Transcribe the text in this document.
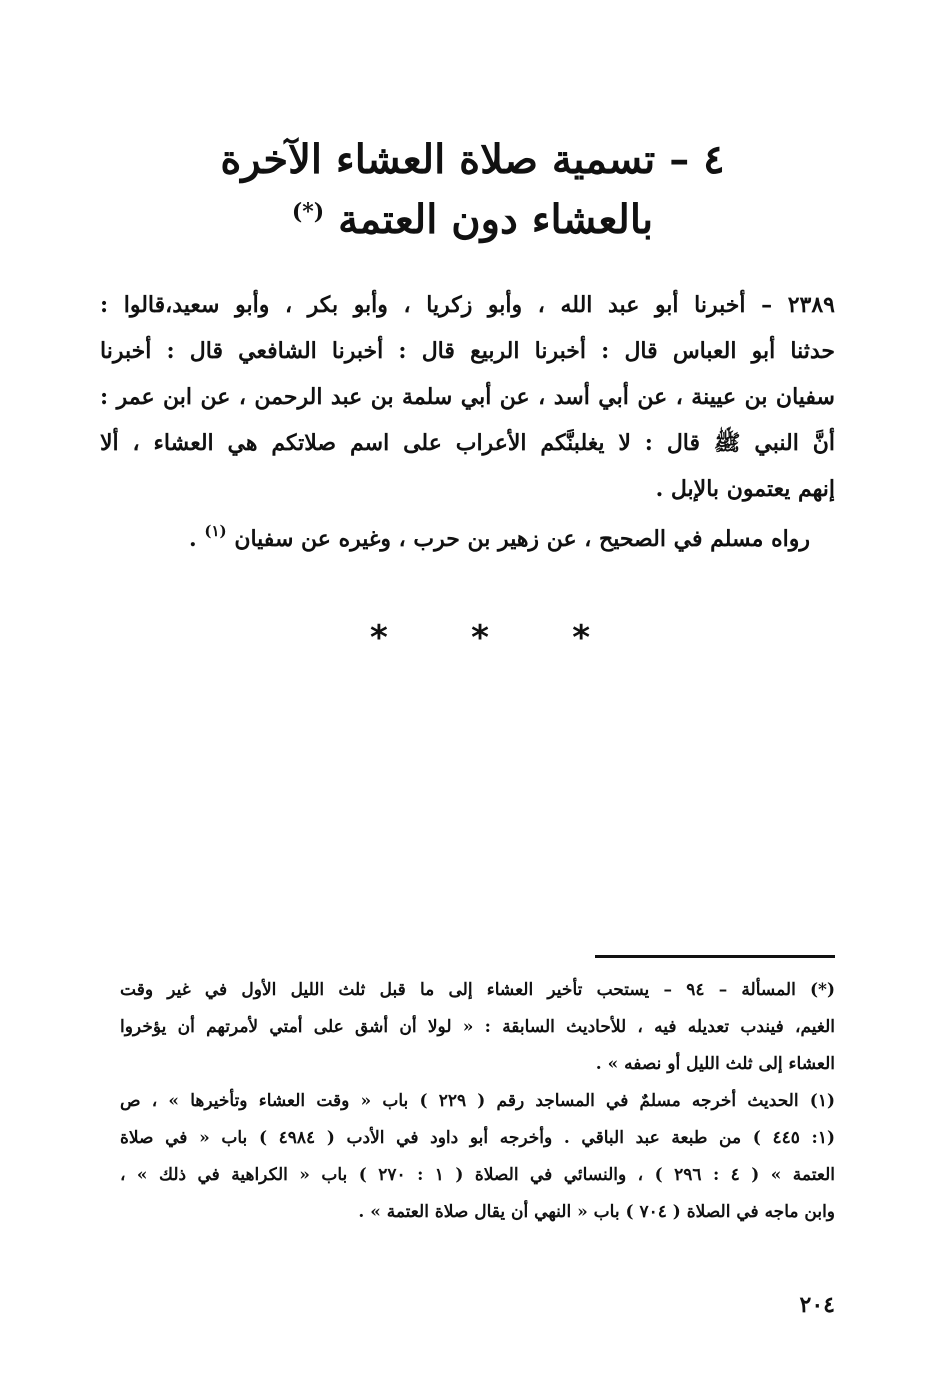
٤ – تسمية صلاة العشاء الآخرة
بالعشاء دون العتمة (*)
٢٣٨٩ – أخبرنا أبو عبد الله ، وأبو زكريا ، وأبو بكر ، وأبو سعيد،قالوا :
حدثنا أبو العباس قال : أخبرنا الربيع قال : أخبرنا الشافعي قال : أخبرنا
سفيان بن عيينة ، عن أبي أسد ، عن أبي سلمة بن عبد الرحمن ، عن ابن عمر :
أنَّ النبي ﷺ قال : لا يغلبنَّكم الأعراب على اسم صلاتكم هي العشاء ، ألا
إنهم يعتمون بالإبل .
رواه مسلم في الصحيح ، عن زهير بن حرب ، وغيره عن سفيان $^{(١)}$ .
* * *
(*) المسألة – ٩٤ – يستحب تأخير العشاء إلى ما قبل ثلث الليل الأول في غير وقت
الغيم، فيندب تعديله فيه ، للأحاديث السابقة : « لولا أن أشق على أمتي لأمرتهم أن يؤخروا
العشاء إلى ثلث الليل أو نصفه » .
(١) الحديث أخرجه مسلمٌ في المساجد رقم ( ٢٢٩ ) باب « وقت العشاء وتأخيرها » ، ص
(١: ٤٤٥ ) من طبعة عبد الباقي . وأخرجه أبو داود في الأدب ( ٤٩٨٤ ) باب « في صلاة
العتمة » ( ٤ : ٢٩٦ ) ، والنسائي في الصلاة ( ١ : ٢٧٠ ) باب « الكراهية في ذلك » ،
وابن ماجه في الصلاة ( ٧٠٤ ) باب « النهي أن يقال صلاة العتمة » .
٢٠٤
